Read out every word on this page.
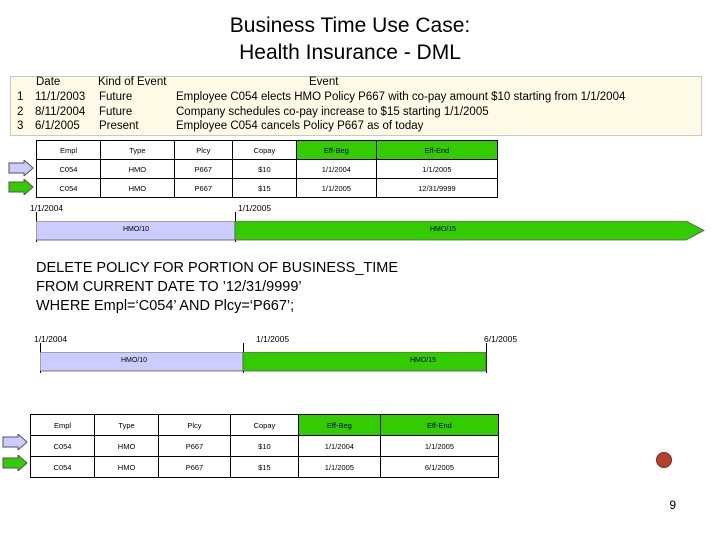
Business Time Use Case:
Health Insurance - DML
Date	Kind of Event	Event
1 11/1/2003 Future	Employee C054 elects HMO Policy P667 with co-pay amount $10 starting from 1/1/2004
2 8/11/2004 Future	Company schedules co-pay increase to $15 starting 1/1/2005
3 6/1/2005 Present	Employee C054 cancels Policy P667 as of today
Empl	Type	Plcy	Copay	Eff-Beg	Eff-End
C054	HMO	P667	$10	1/1/2004	1/1/2005
C054	HMO	P667	$15	1/1/2005	12/31/9999
1/1/2004	1/1/2005
HMO/10	HMO/15
DELETE POLICY FOR PORTION OF BUSINESS_TIME
FROM CURRENT DATE TO ’12/31/9999’
WHERE Empl=‘C054’ AND Plcy=‘P667’;
1/1/2004	1/1/2005	6/1/2005
HMO/10	HMO/15
Empl	Type	Plcy	Copay	Eff-Beg	Eff-End
C054	HMO	P667	$10	1/1/2004	1/1/2005
C054	HMO	P667	$15	1/1/2005	6/1/2005
9
